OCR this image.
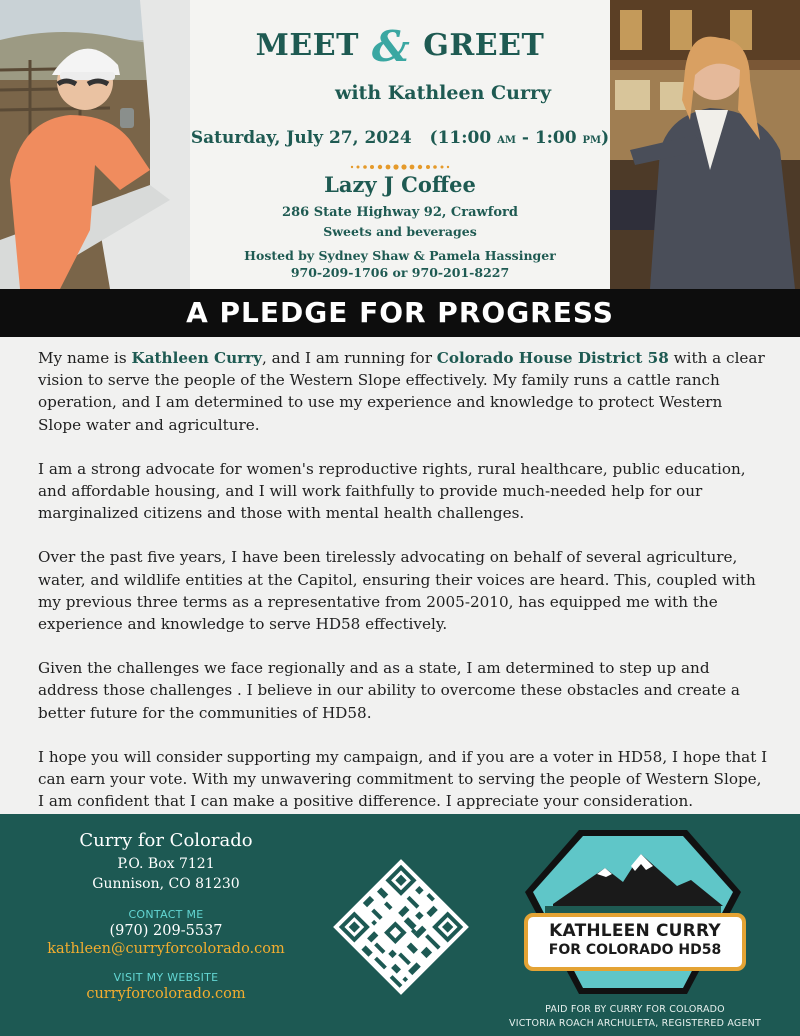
MEET & GREET
with Kathleen Curry
Saturday, July 27, 2024   (11:00 AM - 1:00 PM)
Lazy J Coffee
286 State Highway 92, Crawford
Sweets and beverages
Hosted by Sydney Shaw & Pamela Hassinger
970-209-1706 or 970-201-8227
A PLEDGE FOR PROGRESS

My name is Kathleen Curry, and I am running for Colorado House District 58 with a clear vision to serve the people of the Western Slope effectively. My family runs a cattle ranch operation, and I am determined to use my experience and knowledge to protect Western Slope water and agriculture.

I am a strong advocate for women's reproductive rights, rural healthcare, public education, and affordable housing, and I will work faithfully to provide much-needed help for our marginalized citizens and those with mental health challenges.

Over the past five years, I have been tirelessly advocating on behalf of several agriculture, water, and wildlife entities at the Capitol, ensuring their voices are heard. This, coupled with my previous three terms as a representative from 2005-2010, has equipped me with the experience and knowledge to serve HD58 effectively.

Given the challenges we face regionally and as a state, I am determined to step up and address those challenges . I believe in our ability to overcome these obstacles and create a better future for the communities of HD58.

I hope you will consider supporting my campaign, and if you are a voter in HD58, I hope that I can earn your vote. With my unwavering commitment to serving the people of Western Slope, I am confident that I can make a positive difference. I appreciate your consideration.

Curry for Colorado
P.O. Box 7121
Gunnison, CO 81230
CONTACT ME
(970) 209-5537
kathleen@curryforcolorado.com
VISIT MY WEBSITE
curryforcolorado.com
KATHLEEN CURRY
FOR COLORADO HD58
PAID FOR BY CURRY FOR COLORADO
VICTORIA ROACH ARCHULETA, REGISTERED AGENT
